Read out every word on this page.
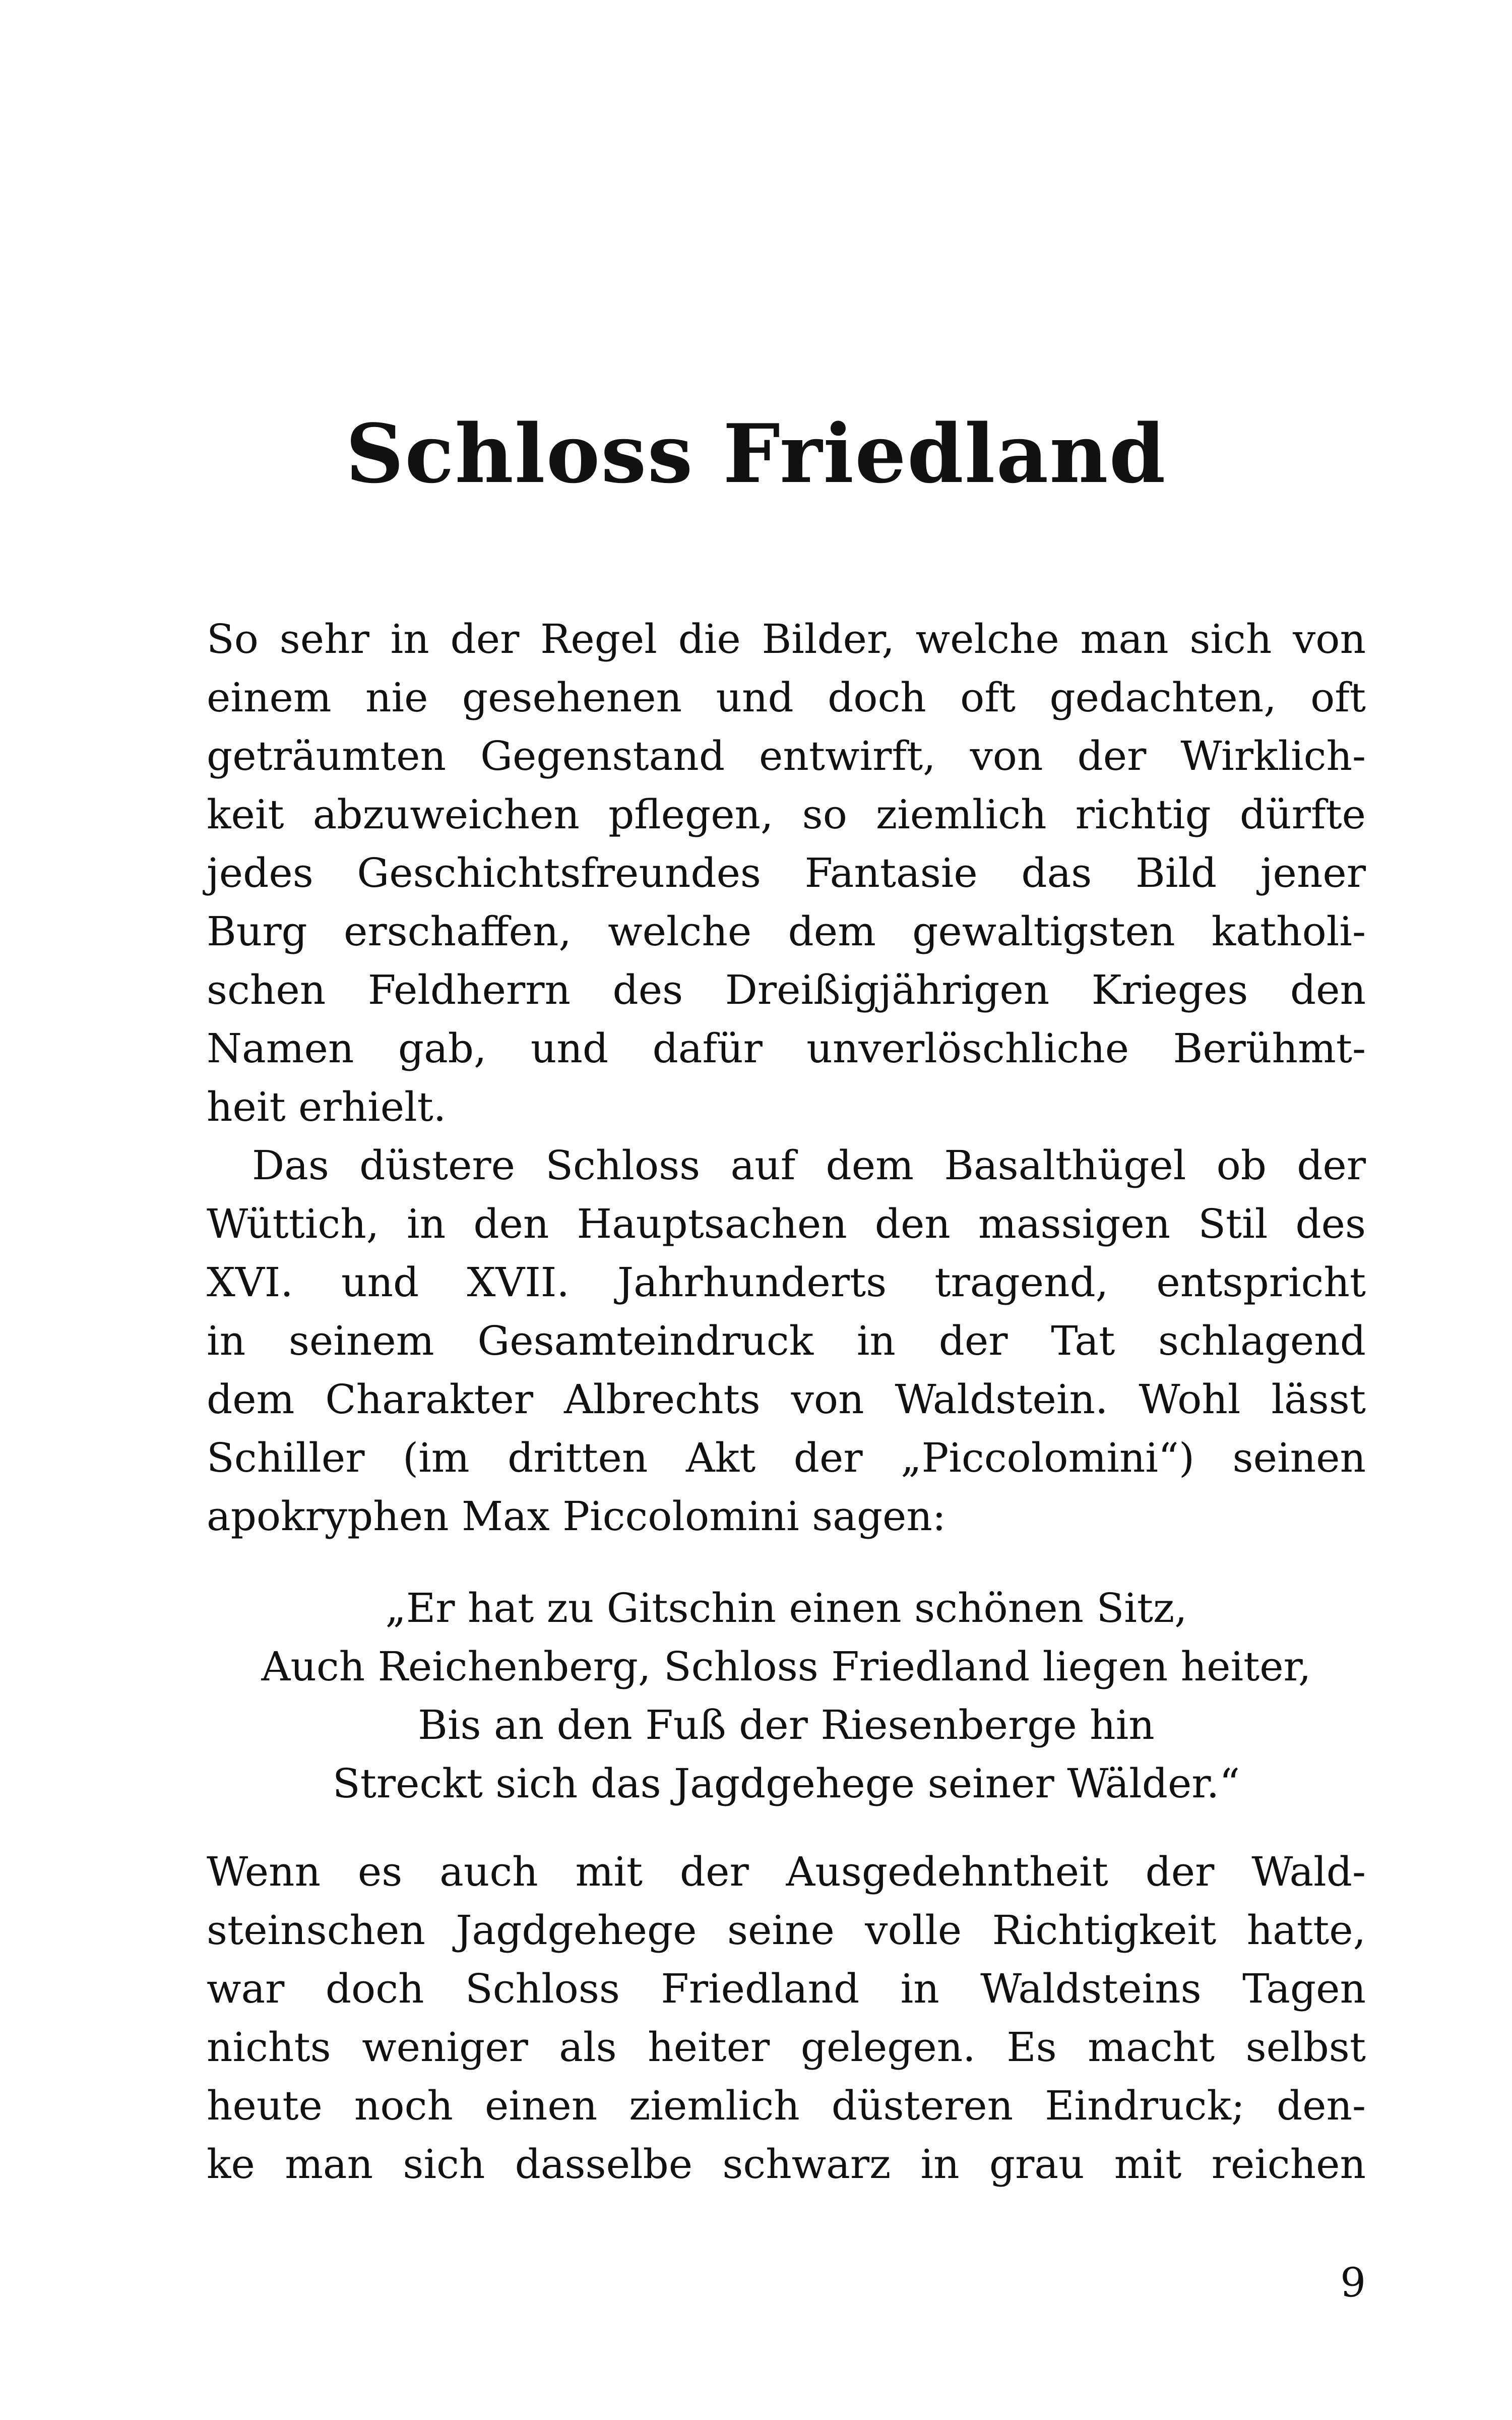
Schloss Friedland
So sehr in der Regel die Bilder, welche man sich von
einem nie gesehenen und doch oft gedachten, oft
geträumten Gegenstand entwirft, von der Wirklich-
keit abzuweichen pflegen, so ziemlich richtig dürfte
jedes Geschichtsfreundes Fantasie das Bild jener
Burg erschaffen, welche dem gewaltigsten katholi-
schen Feldherrn des Dreißigjährigen Krieges den
Namen gab, und dafür unverlöschliche Berühmt-
heit erhielt.
Das düstere Schloss auf dem Basalthügel ob der
Wüttich, in den Hauptsachen den massigen Stil des
XVI. und XVII. Jahrhunderts tragend, entspricht
in seinem Gesamteindruck in der Tat schlagend
dem Charakter Albrechts von Waldstein. Wohl lässt
Schiller (im dritten Akt der „Piccolomini“) seinen
apokryphen Max Piccolomini sagen:
„Er hat zu Gitschin einen schönen Sitz,
Auch Reichenberg, Schloss Friedland liegen heiter,
Bis an den Fuß der Riesenberge hin
Streckt sich das Jagdgehege seiner Wälder.“
Wenn es auch mit der Ausgedehntheit der Wald-
steinschen Jagdgehege seine volle Richtigkeit hatte,
war doch Schloss Friedland in Waldsteins Tagen
nichts weniger als heiter gelegen. Es macht selbst
heute noch einen ziemlich düsteren Eindruck; den-
ke man sich dasselbe schwarz in grau mit reichen
9
